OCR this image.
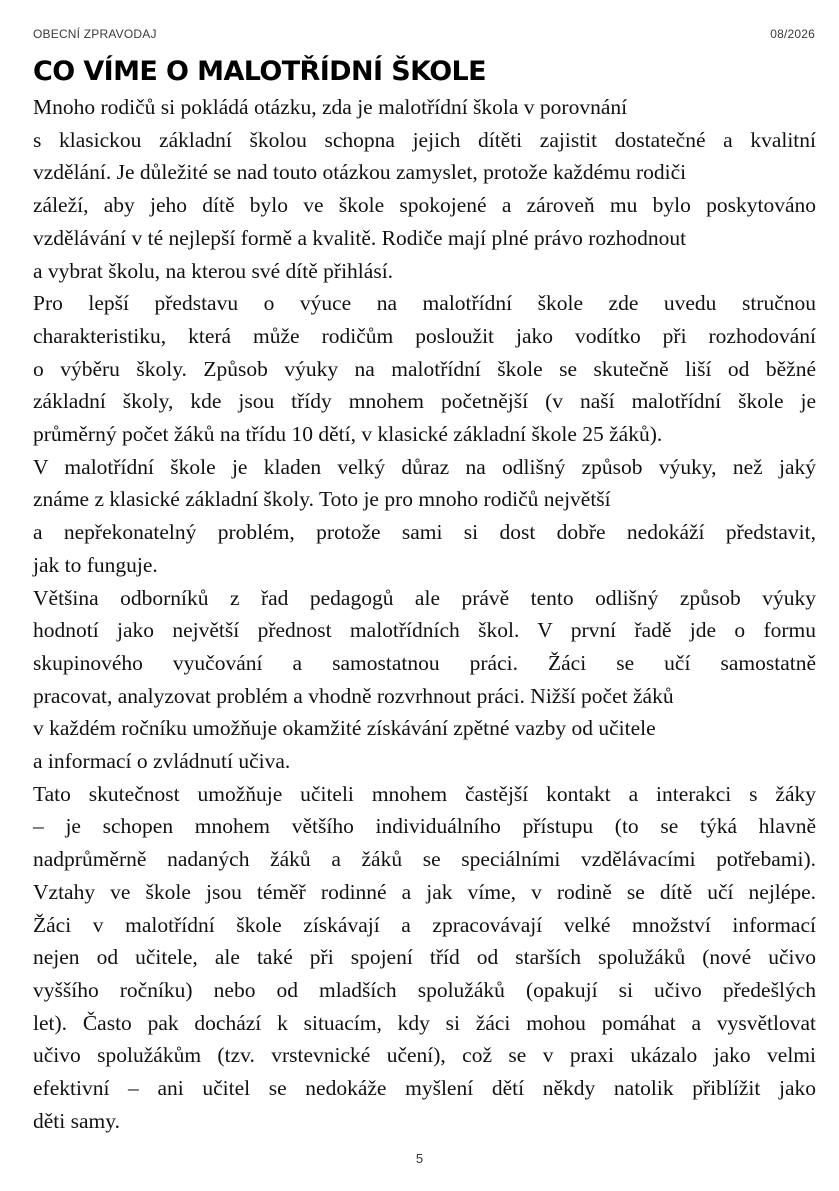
OBECNÍ ZPRAVODAJ	08/2026
CO VÍME O MALOTŘÍDNÍ ŠKOLE

Mnoho rodičů si pokládá otázku, zda je malotřídní škola v porovnání
s klasickou základní školou schopna jejich dítěti zajistit dostatečné a kvalitní
vzdělání. Je důležité se nad touto otázkou zamyslet, protože každému rodiči
záleží, aby jeho dítě bylo ve škole spokojené a zároveň mu bylo poskytováno
vzdělávání v té nejlepší formě a kvalitě. Rodiče mají plné právo rozhodnout
a vybrat školu, na kterou své dítě přihlásí.

Pro lepší představu o výuce na malotřídní škole zde uvedu stručnou
charakteristiku, která může rodičům posloužit jako vodítko při rozhodování
o výběru školy. Způsob výuky na malotřídní škole se skutečně liší od běžné
základní školy, kde jsou třídy mnohem početnější (v naší malotřídní škole je
průměrný počet žáků na třídu 10 dětí, v klasické základní škole 25 žáků).

V malotřídní škole je kladen velký důraz na odlišný způsob výuky, než jaký
známe z klasické základní školy. Toto je pro mnoho rodičů největší
a nepřekonatelný problém, protože sami si dost dobře nedokáží představit,
jak to funguje.

Většina odborníků z řad pedagogů ale právě tento odlišný způsob výuky
hodnotí jako největší přednost malotřídních škol. V první řadě jde o formu
skupinového vyučování a samostatnou práci. Žáci se učí samostatně
pracovat, analyzovat problém a vhodně rozvrhnout práci. Nižší počet žáků
v každém ročníku umožňuje okamžité získávání zpětné vazby od učitele
a informací o zvládnutí učiva.

Tato skutečnost umožňuje učiteli mnohem častější kontakt a interakci s žáky
– je schopen mnohem většího individuálního přístupu (to se týká hlavně
nadprůměrně nadaných žáků a žáků se speciálními vzdělávacími potřebami).
Vztahy ve škole jsou téměř rodinné a jak víme, v rodině se dítě učí nejlépe.
Žáci v malotřídní škole získávají a zpracovávají velké množství informací
nejen od učitele, ale také při spojení tříd od starších spolužáků (nové učivo
vyššího ročníku) nebo od mladších spolužáků (opakují si učivo předešlých
let). Často pak dochází k situacím, kdy si žáci mohou pomáhat a vysvětlovat
učivo spolužákům (tzv. vrstevnické učení), což se v praxi ukázalo jako velmi
efektivní – ani učitel se nedokáže myšlení dětí někdy natolik přiblížit jako
děti samy.

5
